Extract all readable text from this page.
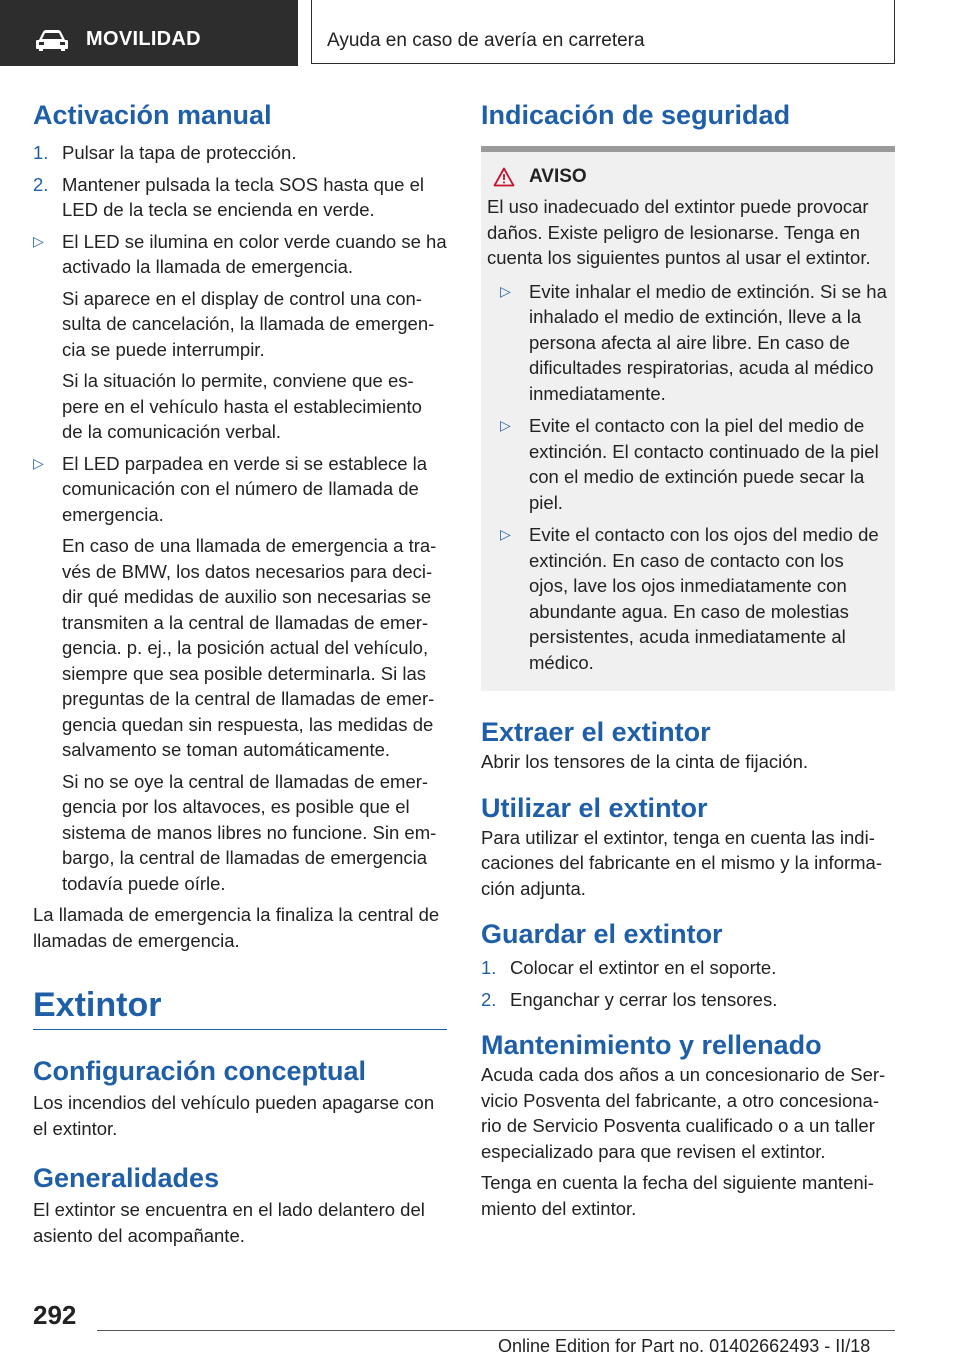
MOVILIDAD	Ayuda en caso de avería en carretera
Activación manual
1. Pulsar la tapa de protección.
2. Mantener pulsada la tecla SOS hasta que el LED de la tecla se encienda en verde.
▷ El LED se ilumina en color verde cuando se ha activado la llamada de emergencia.

Si aparece en el display de control una con-sulta de cancelación, la llamada de emergen-cia se puede interrumpir.

Si la situación lo permite, conviene que es-pere en el vehículo hasta el establecimiento de la comunicación verbal.

▷ El LED parpadea en verde si se establece la comunicación con el número de llamada de emergencia.

En caso de una llamada de emergencia a tra-vés de BMW, los datos necesarios para deci-dir qué medidas de auxilio son necesarias se transmiten a la central de llamadas de emer-gencia. p. ej., la posición actual del vehículo, siempre que sea posible determinarla. Si las preguntas de la central de llamadas de emer-gencia quedan sin respuesta, las medidas de salvamento se toman automáticamente.

Si no se oye la central de llamadas de emer-gencia por los altavoces, es posible que el sistema de manos libres no funcione. Sin em-bargo, la central de llamadas de emergencia todavía puede oírle.

La llamada de emergencia la finaliza la central de llamadas de emergencia.

Extintor
Configuración conceptual

Los incendios del vehículo pueden apagarse con el extintor.

Generalidades

El extintor se encuentra en el lado delantero del asiento del acompañante.

Indicación de seguridad
AVISO

El uso inadecuado del extintor puede provocar daños. Existe peligro de lesionarse. Tenga en cuenta los siguientes puntos al usar el extintor.

▷ Evite inhalar el medio de extinción. Si se ha inhalado el medio de extinción, lleve a la persona afecta al aire libre. En caso de dificultades respiratorias, acuda al médico inmediatamente.
▷ Evite el contacto con la piel del medio de extinción. El contacto continuado de la piel con el medio de extinción puede secar la piel.
▷ Evite el contacto con los ojos del medio de extinción. En caso de contacto con los ojos, lave los ojos inmediatamente con abundante agua. En caso de molestias persistentes, acuda inmediatamente al médico.
Extraer el extintor

Abrir los tensores de la cinta de fijación.

Utilizar el extintor

Para utilizar el extintor, tenga en cuenta las indi-caciones del fabricante en el mismo y la informa-ción adjunta.

Guardar el extintor
1. Colocar el extintor en el soporte.
2. Enganchar y cerrar los tensores.
Mantenimiento y rellenado

Acuda cada dos años a un concesionario de Ser-vicio Posventa del fabricante, a otro concesiona-rio de Servicio Posventa cualificado o a un taller especializado para que revisen el extintor.

Tenga en cuenta la fecha del siguiente manteni-miento del extintor.

292
Online Edition for Part no. 01402662493 - II/18
